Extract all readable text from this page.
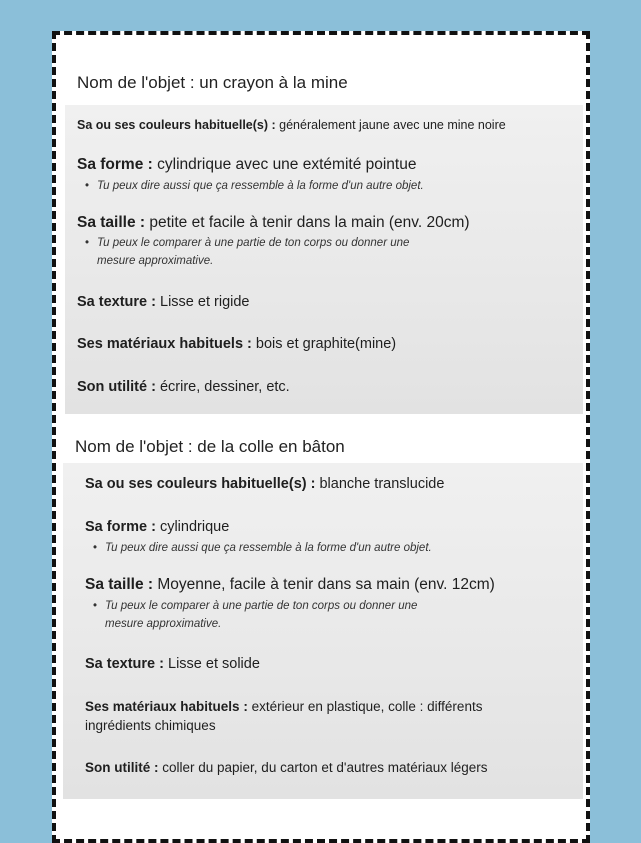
Nom de l'objet : un crayon à la mine
Sa ou ses couleurs habituelle(s) : généralement jaune avec une mine noire
Sa forme : cylindrique avec une extémité pointue
• Tu peux dire aussi que ça ressemble à la forme d'un autre objet.
Sa taille : petite et facile à tenir dans la main (env. 20cm)
• Tu peux le comparer à une partie de ton corps ou donner une
mesure approximative.
Sa texture : Lisse et rigide
Ses matériaux habituels : bois et graphite(mine)
Son utilité : écrire, dessiner, etc.
Nom de l'objet : de la colle en bâton
Sa ou ses couleurs habituelle(s) : blanche translucide
Sa forme : cylindrique
• Tu peux dire aussi que ça ressemble à la forme d'un autre objet.
Sa taille : Moyenne, facile à tenir dans sa main (env. 12cm)
• Tu peux le comparer à une partie de ton corps ou donner une
mesure approximative.
Sa texture : Lisse et solide
Ses matériaux habituels : extérieur en plastique, colle : différents
ingrédients chimiques
Son utilité : coller du papier, du carton et d'autres matériaux légers
